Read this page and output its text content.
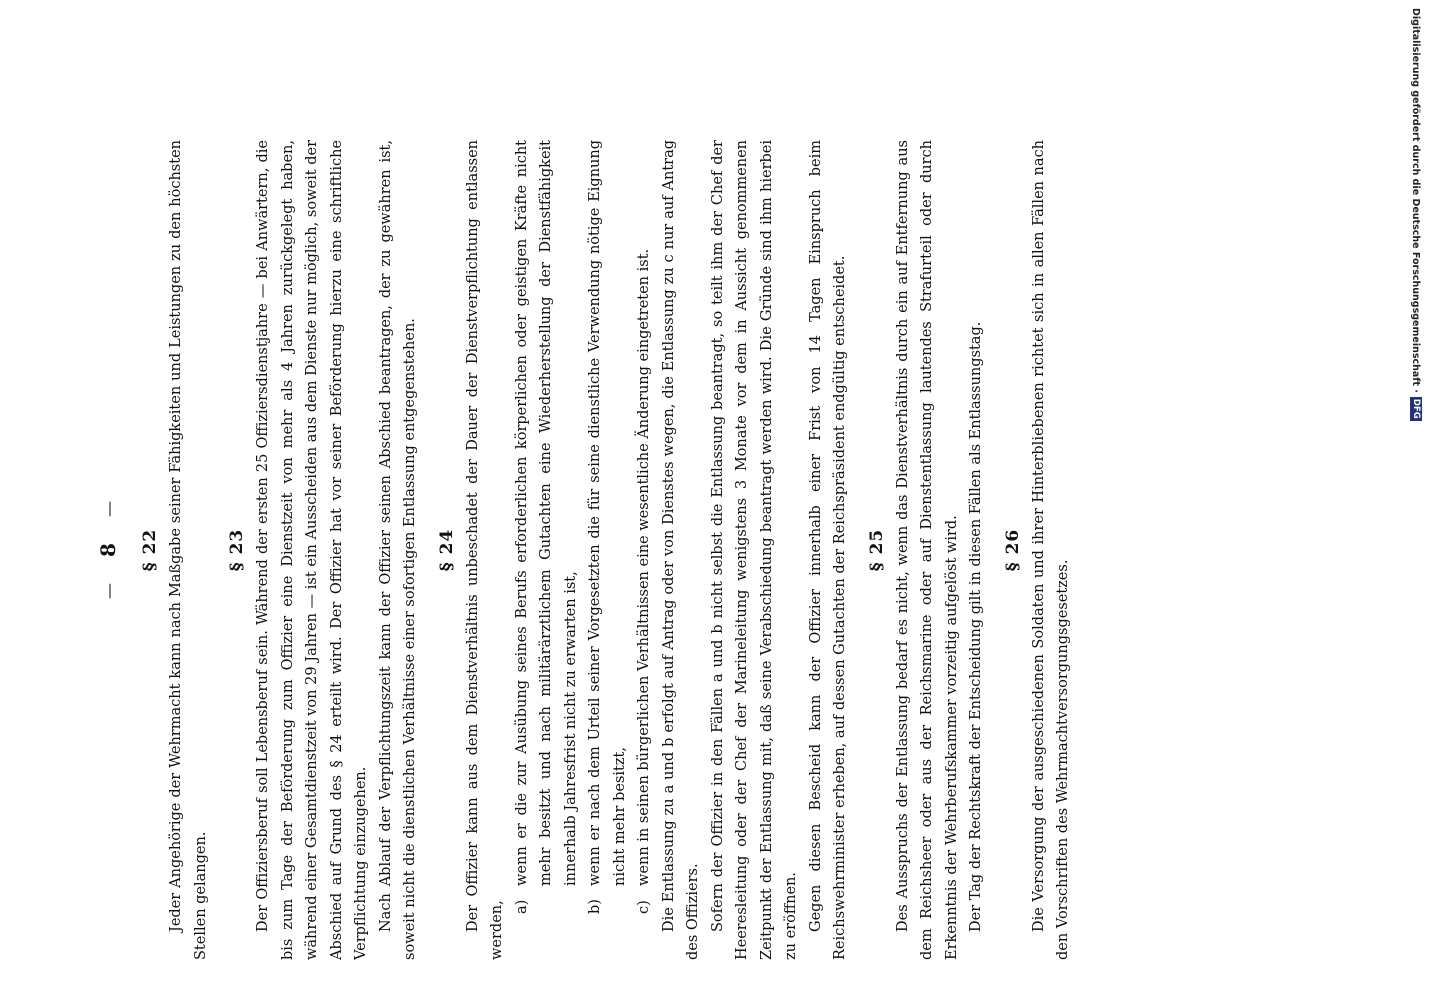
—
8
—
§ 22 Jeder Angehörige der Wehrmacht kann nach Maßgabe seiner Fähigkeiten und Leistungen zu den höchsten Stellen gelangen.

§ 23 Der Offiziersberuf soll Lebensberuf sein. Während der ersten 25 Offiziersdienstjahre — bei Anwärtern, die bis zum Tage der Beförderung zum Offizier eine Dienstzeit von mehr als 4 Jahren zurückgelegt haben, während einer Gesamtdienstzeit von 29 Jahren — ist ein Ausscheiden aus dem Dienste nur möglich, soweit der Abschied auf Grund des § 24 erteilt wird. Der Offizier hat vor seiner Beförderung hierzu eine schriftliche Verpflichtung einzugehen. Nach Ablauf der Verpflichtungszeit kann der Offizier seinen Abschied beantragen, der zu gewähren ist, soweit nicht die dienstlichen Verhältnisse einer sofortigen Entlassung entgegenstehen. § 24 Der Offizier kann aus dem Dienstverhältnis unbeschadet der Dauer der Dienstverpflichtung entlassen werden, a)
wenn er die zur Ausübung seines Berufs erforderlichen körperlichen oder geistigen Kräfte nicht mehr besitzt und nach militärärztlichem Gutachten eine Wiederherstellung der Dienstfähigkeit innerhalb Jahresfrist nicht zu erwarten ist,
b)
wenn er nach dem Urteil seiner Vorgesetzten die für seine dienstliche Verwendung nötige Eignung nicht mehr besitzt,
c)
wenn in seinen bürgerlichen Verhältnissen eine wesentliche Änderung eingetreten ist. Die Entlassung zu a und b erfolgt auf Antrag oder von Dienstes wegen, die Entlassung zu c nur auf Antrag des Offiziers. Sofern der Offizier in den Fällen a und b nicht selbst die Entlassung beantragt, so teilt ihm der Chef der Heeresleitung oder der Chef der Marineleitung wenigstens 3 Monate vor dem in Aussicht genommenen Zeitpunkt der Entlassung mit, daß seine Verabschiedung beantragt werden wird. Die Gründe sind ihm hierbei zu eröffnen. Gegen diesen Bescheid kann der Offizier innerhalb einer Frist von 14 Tagen Einspruch beim Reichswehrminister erheben, auf dessen Gutachten der Reichspräsident endgültig entscheidet. § 25 Des Ausspruchs der Entlassung bedarf es nicht, wenn das Dienstverhältnis durch ein auf Entfernung aus dem Reichsheer oder aus der Reichsmarine oder auf Dienstentlassung lautendes Strafurteil oder durch Erkenntnis der Wehrberufskammer vorzeitig aufgelöst wird. Der Tag der Rechtskraft der Entscheidung gilt in diesen Fällen als Entlassungstag. § 26 Die Versorgung der ausgeschiedenen Soldaten und ihrer Hinterbliebenen richtet sich in allen Fällen nach den Vorschriften des Wehrmachtversorgungsgesetzes.

Digitalisierung gefördert durch die Deutsche Forschungsgemeinschaft ·
DFG
